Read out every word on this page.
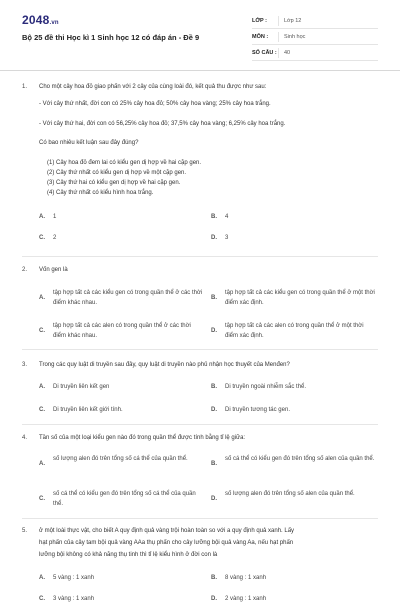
2048.vn
Bộ 25 đề thi Học kì 1 Sinh học 12 có đáp án - Đề 9
LỚP :	Lớp 12
MÔN :	Sinh học
SỐ CÂU : 40
1. Cho một cây hoa đỏ giao phấn với 2 cây của cùng loài đó, kết quả thu được như sau:
- Với cây thứ nhất, đời con có 25% cây hoa đỏ; 50% cây hoa vàng; 25% cây hoa trắng.
- Với cây thứ hai, đời con có 56,25% cây hoa đỏ; 37,5% cây hoa vàng; 6,25% cây hoa trắng.
Có bao nhiêu kết luận sau đây đúng?
(1) Cây hoa đỏ đem lai có kiểu gen dị hợp về hai cặp gen.
(2) Cây thứ nhất có kiểu gen dị hợp về một cặp gen.
(3) Cây thứ hai có kiểu gen dị hợp về hai cặp gen.
(4) Cây thứ nhất có kiểu hình hoa trắng.
A. 1	B. 4
C. 2	D. 3
2. Vốn gen là
A.
tập hợp tất cả các kiểu gen có trong quần thể ở các thời điểm khác nhau.
B.
tập hợp tất cả các kiểu gen có trong quần thể ở một thời điểm xác định.
C.
tập hợp tất cả các alen có trong quần thể ở các thời điểm khác nhau.
D.
tập hợp tất cả các alen có trong quần thể ở một thời điểm xác định.
3. Trong các quy luật di truyền sau đây, quy luật di truyền nào phủ nhận học thuyết của Menđen?
A. Di truyền liên kết gen	B. Di truyền ngoài nhiễm sắc thể.
C. Di truyền liên kết giới tính.	D. Di truyền tương tác gen.
4. Tần số của một loại kiểu gen nào đó trong quần thể được tính bằng tỉ lệ giữa:
A.
số lượng alen đó trên tổng số cá thể của quần thể.
B.
số cá thể có kiểu gen đó trên tổng số alen của quần thể.
C.
số cá thể có kiểu gen đó trên tổng số cá thể của quần thể.
D.
số lượng alen đó trên tổng số alen của quần thể.
5. ở một loài thực vật, cho biết A quy định quả vàng trội hoàn toàn so với a quy định quả xanh. Lấy
hạt phấn của cây tam bội quả vàng AAa thụ phấn cho cây lưỡng bội quả vàng Aa, nếu hạt phấn
lưỡng bội không có khả năng thụ tinh thì tỉ lệ kiểu hình ở đời con là
A. 5 vàng : 1 xanh	B. 8 vàng : 1 xanh
C. 3 vàng : 1 xanh	D. 2 vàng : 1 xanh
